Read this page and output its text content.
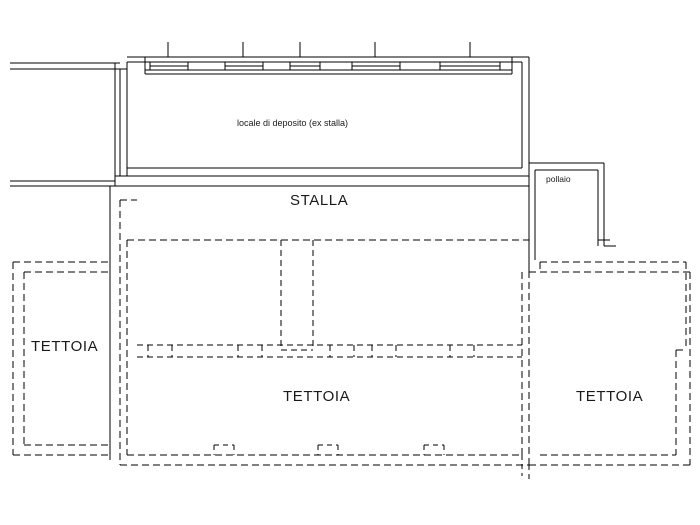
locale di deposito (ex stalla)
STALLA
pollaio
TETTOIA
TETTOIA	TETTOIA
